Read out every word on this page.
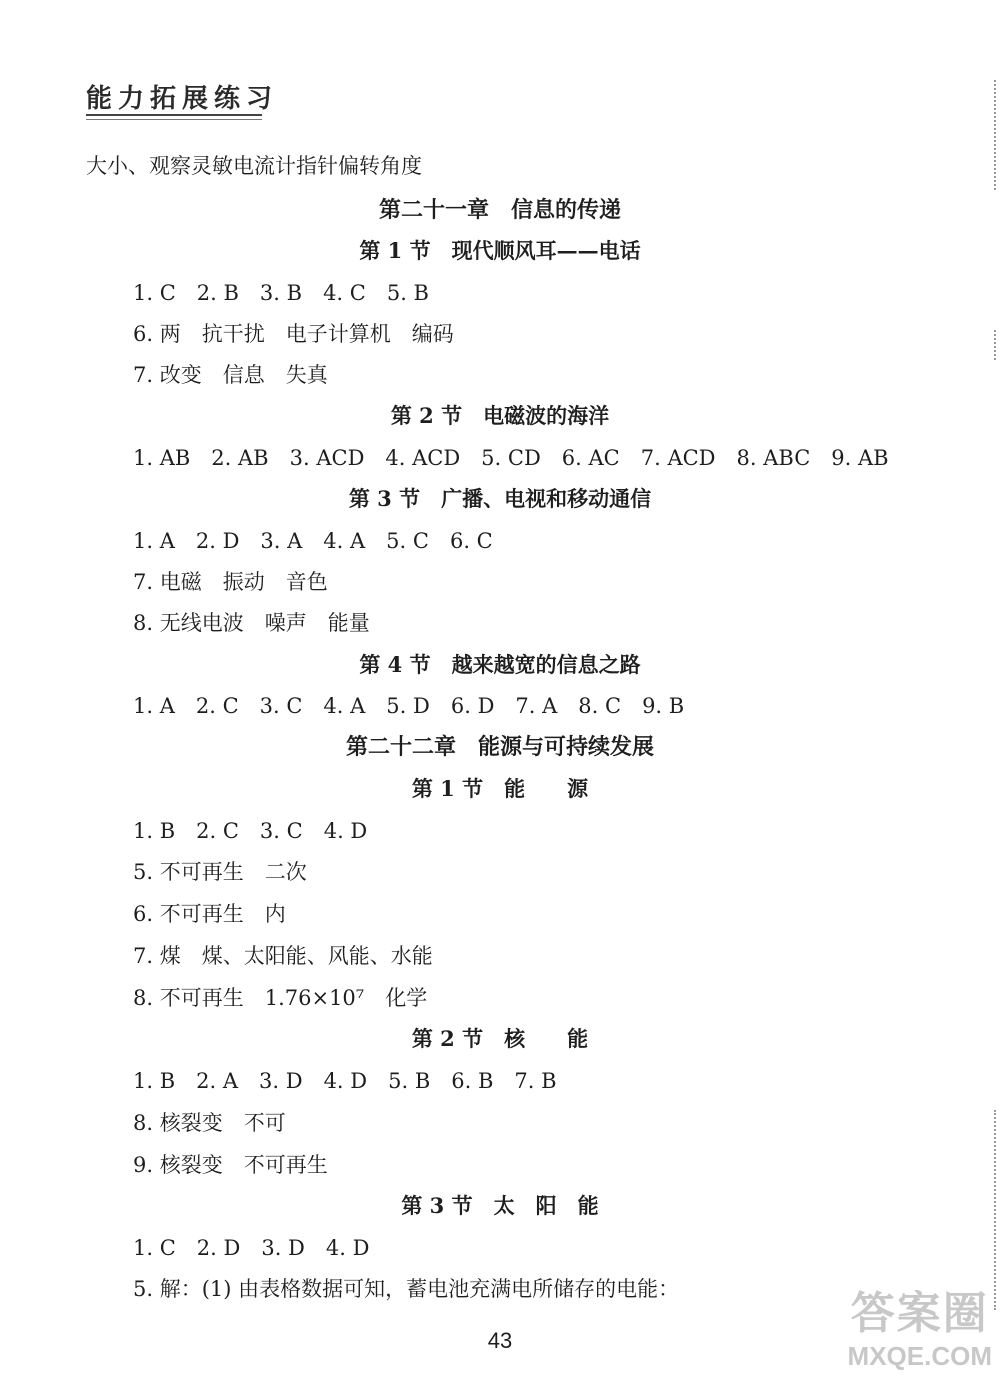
能力拓展练习
大小、观察灵敏电流计指针偏转角度
第二十一章　信息的传递
第 1 节　现代顺风耳——电话
1. C　2. B　3. B　4. C　5. B
6. 两　抗干扰　电子计算机　编码
7. 改变　信息　失真
第 2 节　电磁波的海洋
1. AB　2. AB　3. ACD　4. ACD　5. CD　6. AC　7. ACD　8. ABC　9. AB
第 3 节　广播、电视和移动通信
1. A　2. D　3. A　4. A　5. C　6. C
7. 电磁　振动　音色
8. 无线电波　噪声　能量
第 4 节　越来越宽的信息之路
1. A　2. C　3. C　4. A　5. D　6. D　7. A　8. C　9. B
第二十二章　能源与可持续发展
第 1 节　能　　源
1. B　2. C　3. C　4. D
5. 不可再生　二次
6. 不可再生　内
7. 煤　煤、太阳能、风能、水能
8. 不可再生　1.76×10⁷　化学
第 2 节　核　　能
1. B　2. A　3. D　4. D　5. B　6. B　7. B
8. 核裂变　不可
9. 核裂变　不可再生
第 3 节　太　阳　能
1. C　2. D　3. D　4. D
5. 解：(1) 由表格数据可知，蓄电池充满电所储存的电能：
43
答案圈
MXQE.COM
